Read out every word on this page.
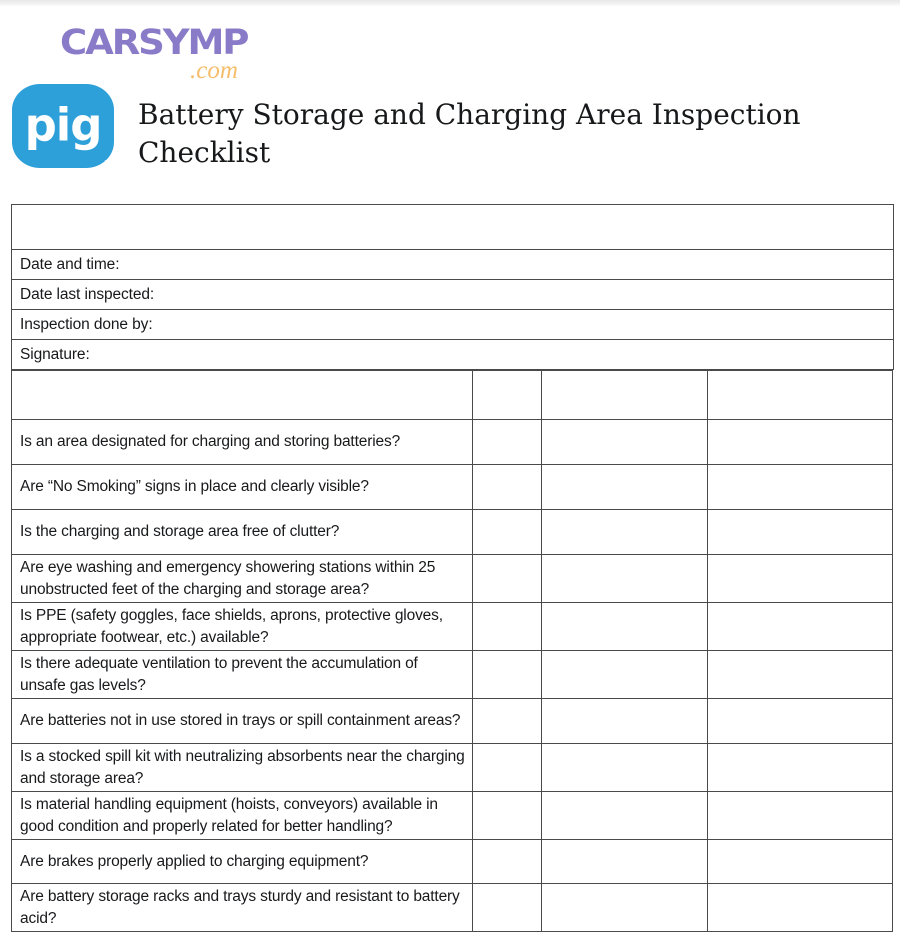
CARSYMP
.com
pig
™
Battery Storage and Charging Area Inspection Checklist
Inspection Information

Date and time:

Date last inspected:

Inspection done by:

Signature:
Battery Charging and Storage Area	Y / N	Corrective Action	Employee Responsible

Is an area designated for charging and storing batteries?			

Are “No Smoking” signs in place and clearly visible?			

Is the charging and storage area free of clutter?			

Are eye washing and emergency showering stations within 25 unobstructed feet of the charging and storage area?			

Is PPE (safety goggles, face shields, aprons, protective gloves, appropriate footwear, etc.) available?			

Is there adequate ventilation to prevent the accumulation of unsafe gas levels?			

Are batteries not in use stored in trays or spill containment areas?			

Is a stocked spill kit with neutralizing absorbents near the charging and storage area?			

Is material handling equipment (hoists, conveyors) available in good condition and properly related for better handling?			

Are brakes properly applied to charging equipment?			

Are battery storage racks and trays sturdy and resistant to battery acid?			
